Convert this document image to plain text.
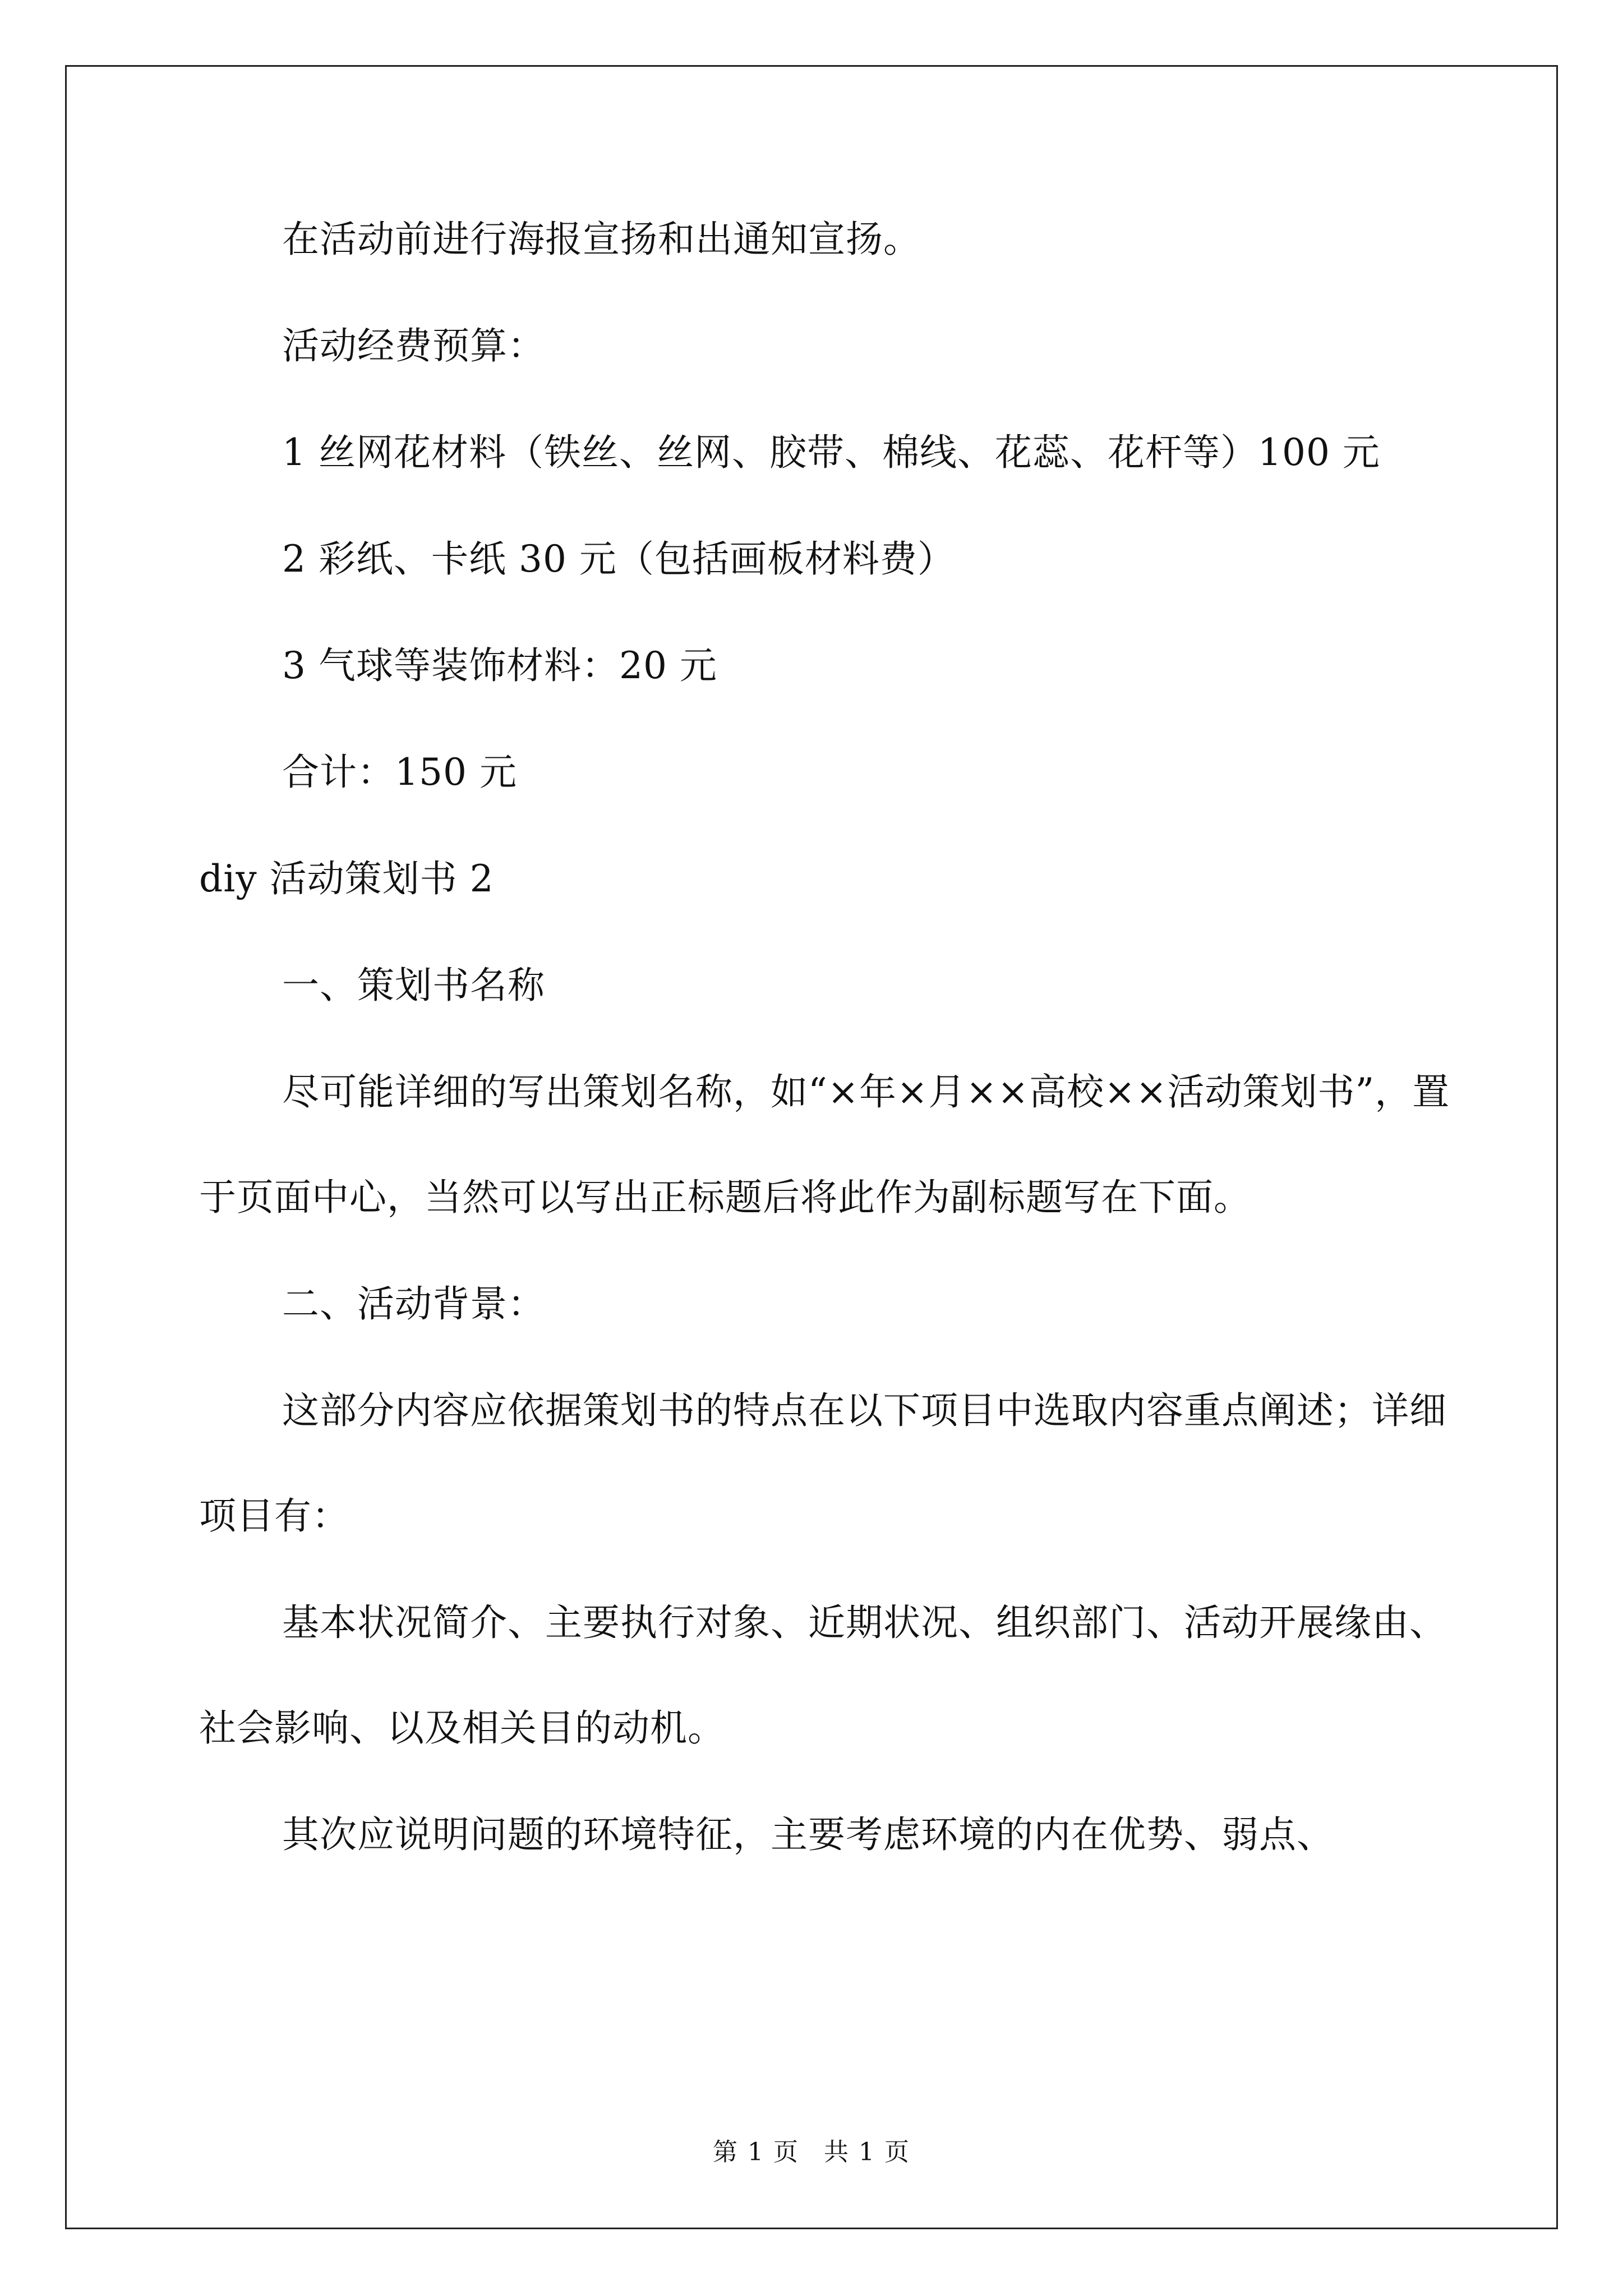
在活动前进行海报宣扬和出通知宣扬。

活动经费预算：

1 丝网花材料（铁丝、丝网、胶带、棉线、花蕊、花杆等）100 元

2 彩纸、卡纸 30 元（包括画板材料费）

3 气球等装饰材料：20 元

合计：150 元

diy 活动策划书 2

一、策划书名称

尽可能详细的写出策划名称，如“×年×月××高校××活动策划书”，置于页面中心，当然可以写出正标题后将此作为副标题写在下面。

二、活动背景：

这部分内容应依据策划书的特点在以下项目中选取内容重点阐述；详细项目有：

基本状况简介、主要执行对象、近期状况、组织部门、活动开展缘由、社会影响、以及相关目的动机。

其次应说明问题的环境特征，主要考虑环境的内在优势、弱点、

第 1 页 共 1 页
